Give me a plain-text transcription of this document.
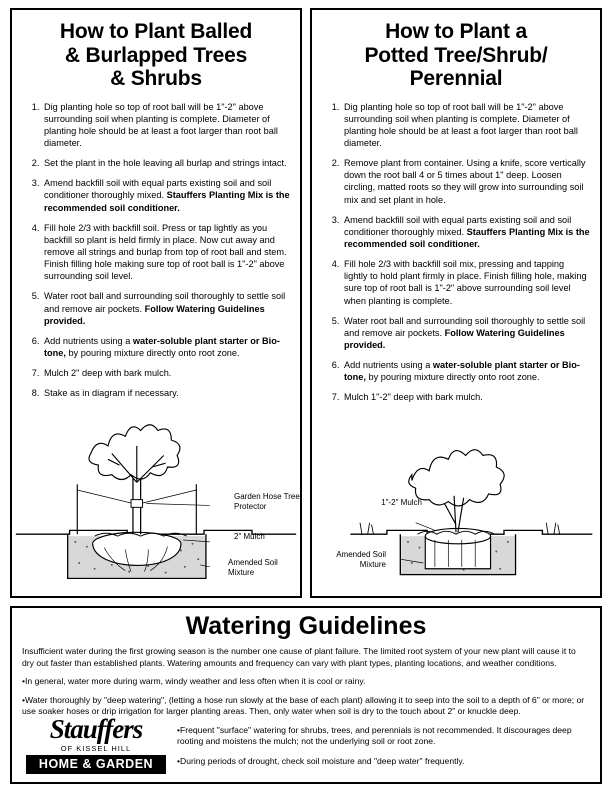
How to Plant Balled
& Burlapped Trees
& Shrubs
1. Dig planting hole so top of root ball will be 1"-2" above surrounding soil when planting is complete. Diameter of planting hole should be at least a foot larger than root ball diameter.
2. Set the plant in the hole leaving all burlap and strings intact.
3. Amend backfill soil with equal parts existing soil and soil conditioner thoroughly mixed. Stauffers Planting Mix is the recommended soil conditioner.
4. Fill hole 2/3 with backfill soil. Press or tap lightly as you backfill so plant is held firmly in place. Now cut away and remove all strings and burlap from top of root ball and stem. Finish filling hole making sure top of root ball is 1"-2" above surrounding soil level.
5. Water root ball and surrounding soil thoroughly to settle soil and remove air pockets. Follow Watering Guidelines provided.
6. Add nutrients using a water-soluble plant starter or Bio-tone, by pouring mixture directly onto root zone.
7. Mulch 2" deep with bark mulch.
8. Stake as in diagram if necessary.
Garden Hose Tree Protector
2" Mulch
Amended Soil Mixture
How to Plant a
Potted Tree/Shrub/
Perennial
1. Dig planting hole so top of root ball will be 1"-2" above surrounding soil when planting is complete. Diameter of planting hole should be at least a foot larger than root ball diameter.
2. Remove plant from container. Using a knife, score vertically down the root ball 4 or 5 times about 1" deep. Loosen circling, matted roots so they will grow into surrounding soil mix and set plant in hole.
3. Amend backfill soil with equal parts existing soil and soil conditioner thoroughly mixed. Stauffers Planting Mix is the recommended soil conditioner.
4. Fill hole 2/3 with backfill soil mix, pressing and tapping lightly to hold plant firmly in place. Finish filling hole, making sure top of root ball is 1"-2" above surrounding soil level when planting is complete.
5. Water root ball and surrounding soil thoroughly to settle soil and remove air pockets. Follow Watering Guidelines provided.
6. Add nutrients using a water-soluble plant starter or Bio-tone, by pouring mixture directly onto root zone.
7. Mulch 1"-2" deep with bark mulch.
1"-2" Mulch
Amended Soil Mixture
Watering Guidelines

Insufficient water during the first growing season is the number one cause of plant failure. The limited root system of your new plant will cause it to dry out faster than established plants. Watering amounts and frequency can vary with plant types, planting locations, and weather conditions.

•In general, water more during warm, windy weather and less often when it is cool or rainy.

•Water thoroughly by "deep watering", (letting a hose run slowly at the base of each plant) allowing it to seep into the soil to a depth of 6" or more; or use soaker hoses or drip irrigation for larger planting areas. Then, only water when soil is dry to the touch about 2" or knuckle deep.

Stauffers
OF KISSEL HILL
HOME & GARDEN

•Frequent "surface" watering for shrubs, trees, and perennials is not recommended. It discourages deep rooting and moistens the mulch; not the underlying soil or root zone.

•During periods of drought, check soil moisture and "deep water" frequently.
